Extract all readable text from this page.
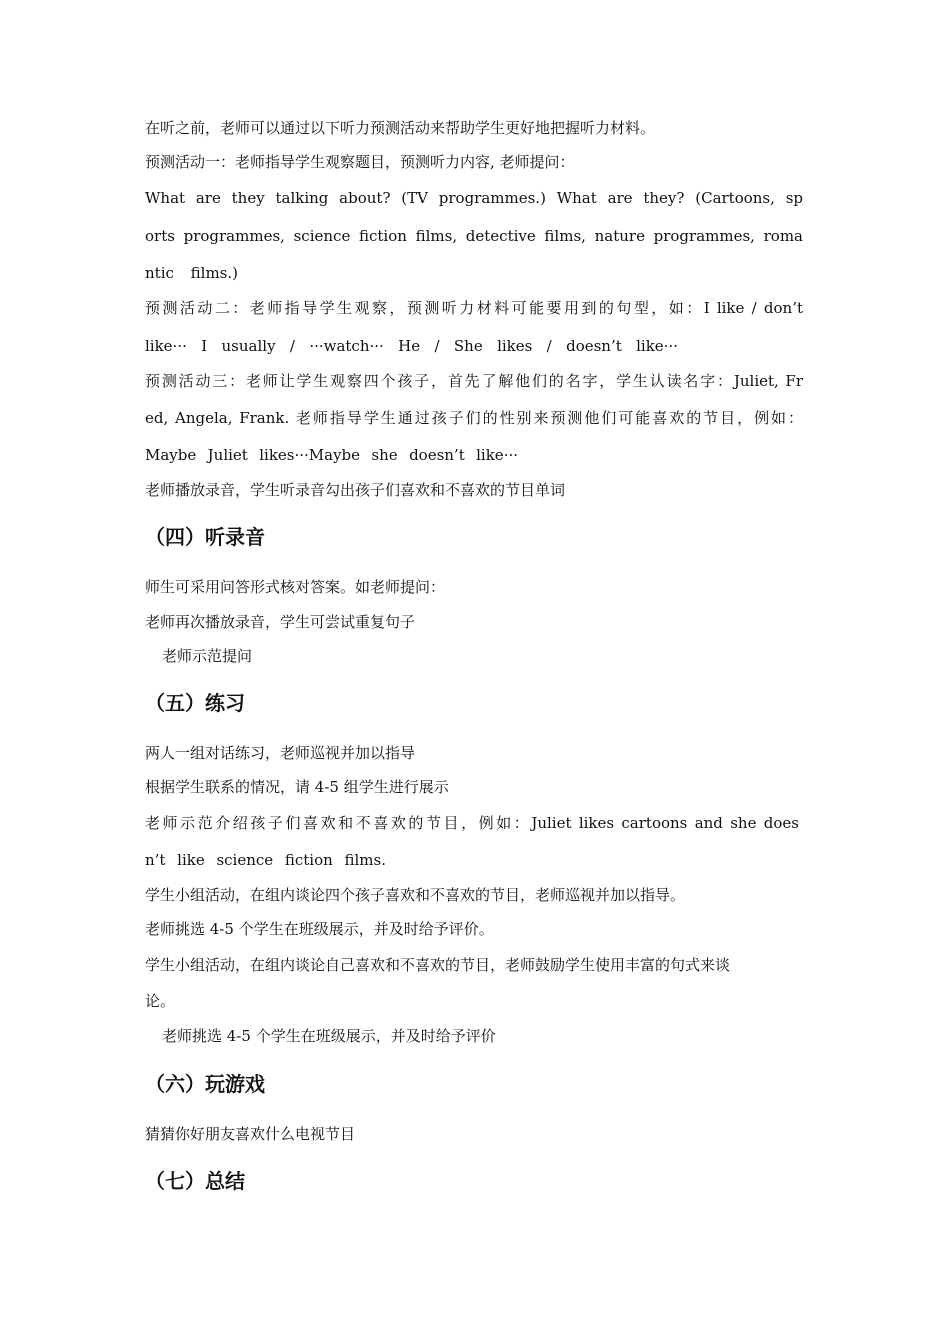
在听之前，老师可以通过以下听力预测活动来帮助学生更好地把握听力材料。
预测活动一：老师指导学生观察题目，预测听力内容, 老师提问：
What are they talking about? (TV programmes.) What are they? (Cartoons, sp
orts programmes, science fiction films, detective films, nature programmes, roma
ntic films.)
预测活动二：老师指导学生观察，预测听力材料可能要用到的句型，如：I like / don’t
like··· I usually / ···watch··· He / She likes / doesn’t like···
预测活动三：老师让学生观察四个孩子，首先了解他们的名字，学生认读名字：Juliet, Fr
ed, Angela, Frank. 老师指导学生通过孩子们的性别来预测他们可能喜欢的节目，例如：
Maybe Juliet likes···Maybe she doesn’t like···
老师播放录音，学生听录音勾出孩子们喜欢和不喜欢的节目单词
（四）听录音
师生可采用问答形式核对答案。如老师提问：
老师再次播放录音，学生可尝试重复句子
老师示范提问
（五）练习
两人一组对话练习，老师巡视并加以指导
根据学生联系的情况，请 4-5 组学生进行展示
老师示范介绍孩子们喜欢和不喜欢的节目，例如：Juliet likes cartoons and she does
n’t like science fiction films.
学生小组活动，在组内谈论四个孩子喜欢和不喜欢的节目，老师巡视并加以指导。
老师挑选 4-5 个学生在班级展示，并及时给予评价。
学生小组活动，在组内谈论自己喜欢和不喜欢的节目，老师鼓励学生使用丰富的句式来谈
论。
老师挑选 4-5 个学生在班级展示，并及时给予评价
（六）玩游戏
猜猜你好朋友喜欢什么电视节目
（七）总结
